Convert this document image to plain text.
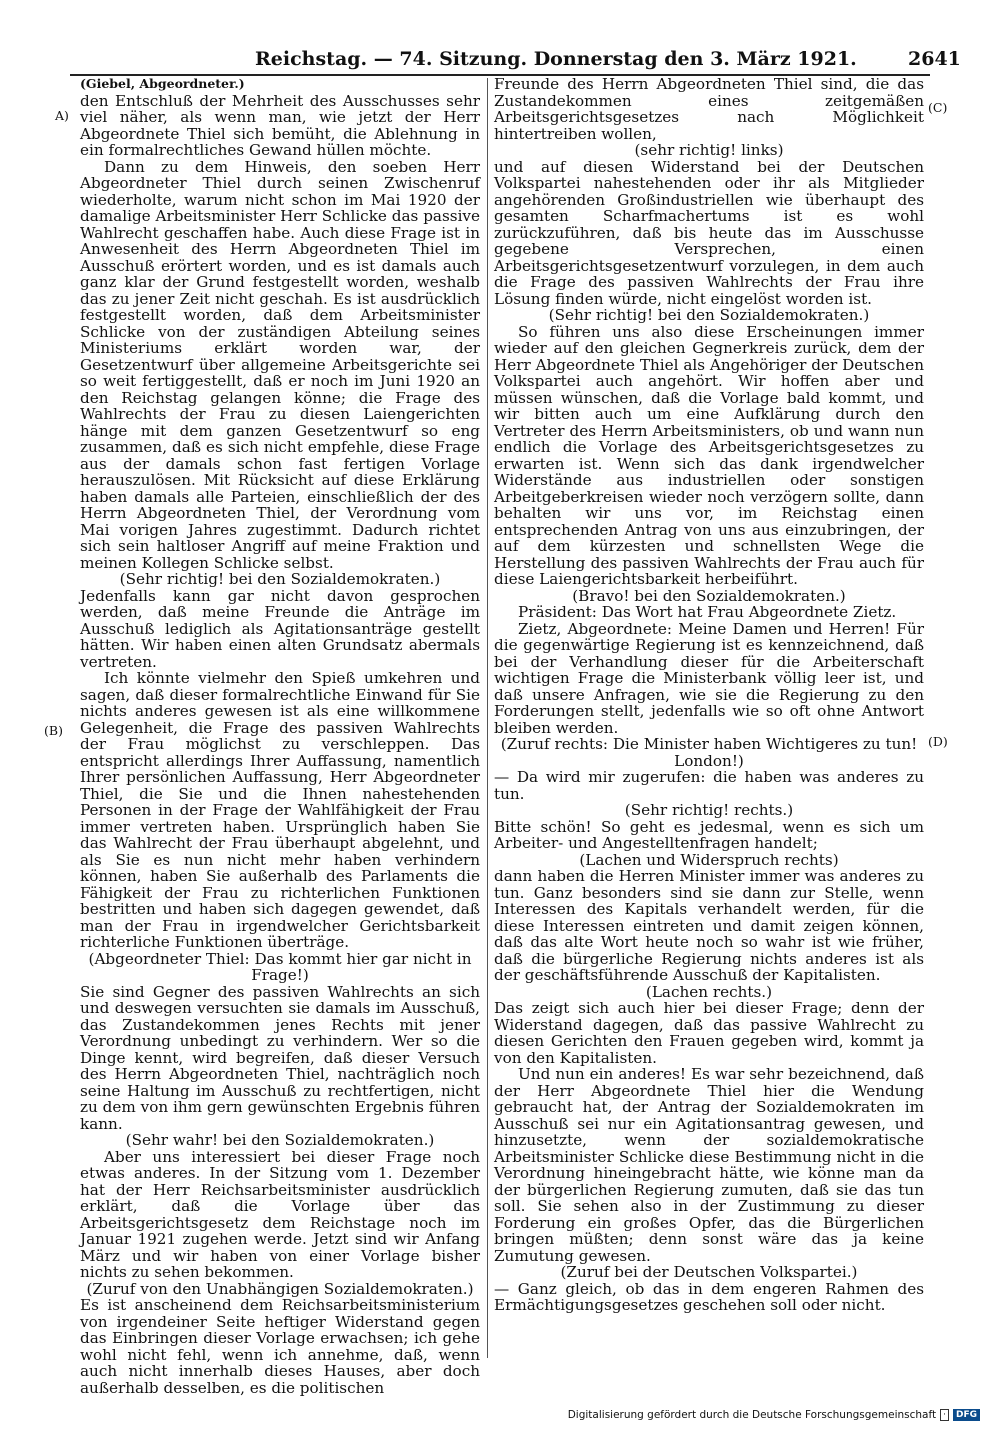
Reichstag. — 74. Sitzung. Donnerstag den 3. März 1921.	2641
A)
(B)
(C)
(D)

(Giebel, Abgeordneter.)

den Entschluß der Mehrheit des Ausschusses sehr viel näher, als wenn man, wie jetzt der Herr Abgeordnete Thiel sich bemüht, die Ablehnung in ein formalrechtliches Gewand hüllen möchte.

Dann zu dem Hinweis, den soeben Herr Abgeordneter Thiel durch seinen Zwischenruf wiederholte, warum nicht schon im Mai 1920 der damalige Arbeitsminister Herr Schlicke das passive Wahlrecht geschaffen habe. Auch diese Frage ist in Anwesenheit des Herrn Abgeordneten Thiel im Ausschuß erörtert worden, und es ist damals auch ganz klar der Grund festgestellt worden, weshalb das zu jener Zeit nicht geschah. Es ist ausdrücklich festgestellt worden, daß dem Arbeitsminister Schlicke von der zuständigen Abteilung seines Ministeriums erklärt worden war, der Gesetzentwurf über allgemeine Arbeitsgerichte sei so weit fertiggestellt, daß er noch im Juni 1920 an den Reichstag gelangen könne; die Frage des Wahlrechts der Frau zu diesen Laiengerichten hänge mit dem ganzen Gesetzentwurf so eng zusammen, daß es sich nicht empfehle, diese Frage aus der damals schon fast fertigen Vorlage herauszulösen. Mit Rücksicht auf diese Erklärung haben damals alle Parteien, einschließlich der des Herrn Abgeordneten Thiel, der Verordnung vom Mai vorigen Jahres zugestimmt. Dadurch richtet sich sein haltloser Angriff auf meine Fraktion und meinen Kollegen Schlicke selbst.

(Sehr richtig! bei den Sozialdemokraten.)

Jedenfalls kann gar nicht davon gesprochen werden, daß meine Freunde die Anträge im Ausschuß lediglich als Agitationsanträge gestellt hätten. Wir haben einen alten Grundsatz abermals vertreten.

Ich könnte vielmehr den Spieß umkehren und sagen, daß dieser formalrechtliche Einwand für Sie nichts anderes gewesen ist als eine willkommene Gelegenheit, die Frage des passiven Wahlrechts der Frau möglichst zu verschleppen. Das entspricht allerdings Ihrer Auffassung, namentlich Ihrer persönlichen Auffassung, Herr Abgeordneter Thiel, die Sie und die Ihnen nahestehenden Personen in der Frage der Wahlfähigkeit der Frau immer vertreten haben. Ursprünglich haben Sie das Wahlrecht der Frau überhaupt abgelehnt, und als Sie es nun nicht mehr haben verhindern können, haben Sie außerhalb des Parlaments die Fähigkeit der Frau zu richterlichen Funktionen bestritten und haben sich dagegen gewendet, daß man der Frau in irgendwelcher Gerichtsbarkeit richterliche Funktionen überträge.

(Abgeordneter Thiel: Das kommt hier gar nicht in Frage!)

Sie sind Gegner des passiven Wahlrechts an sich und deswegen versuchten sie damals im Ausschuß, das Zustandekommen jenes Rechts mit jener Verordnung unbedingt zu verhindern. Wer so die Dinge kennt, wird begreifen, daß dieser Versuch des Herrn Abgeordneten Thiel, nachträglich noch seine Haltung im Ausschuß zu rechtfertigen, nicht zu dem von ihm gern gewünschten Ergebnis führen kann.

(Sehr wahr! bei den Sozialdemokraten.)

Aber uns interessiert bei dieser Frage noch etwas anderes. In der Sitzung vom 1. Dezember hat der Herr Reichsarbeitsminister ausdrücklich erklärt, daß die Vorlage über das Arbeitsgerichtsgesetz dem Reichstage noch im Januar 1921 zugehen werde. Jetzt sind wir Anfang März und wir haben von einer Vorlage bisher nichts zu sehen bekommen.

(Zuruf von den Unabhängigen Sozialdemokraten.)

Es ist anscheinend dem Reichsarbeitsministerium von irgendeiner Seite heftiger Widerstand gegen das Einbringen dieser Vorlage erwachsen; ich gehe wohl nicht fehl, wenn ich annehme, daß, wenn auch nicht innerhalb dieses Hauses, aber doch außerhalb desselben, es die politischen

Freunde des Herrn Abgeordneten Thiel sind, die das Zustandekommen eines zeitgemäßen Arbeitsgerichtsgesetzes nach Möglichkeit hintertreiben wollen,

(sehr richtig! links)

und auf diesen Widerstand bei der Deutschen Volkspartei nahestehenden oder ihr als Mitglieder angehörenden Großindustriellen wie überhaupt des gesamten Scharfmachertums ist es wohl zurückzuführen, daß bis heute das im Ausschusse gegebene Versprechen, einen Arbeitsgerichtsgesetzentwurf vorzulegen, in dem auch die Frage des passiven Wahlrechts der Frau ihre Lösung finden würde, nicht eingelöst worden ist.

(Sehr richtig! bei den Sozialdemokraten.)

So führen uns also diese Erscheinungen immer wieder auf den gleichen Gegnerkreis zurück, dem der Herr Abgeordnete Thiel als Angehöriger der Deutschen Volkspartei auch angehört. Wir hoffen aber und müssen wünschen, daß die Vorlage bald kommt, und wir bitten auch um eine Aufklärung durch den Vertreter des Herrn Arbeitsministers, ob und wann nun endlich die Vorlage des Arbeitsgerichtsgesetzes zu erwarten ist. Wenn sich das dank irgendwelcher Widerstände aus industriellen oder sonstigen Arbeitgeberkreisen wieder noch verzögern sollte, dann behalten wir uns vor, im Reichstag einen entsprechenden Antrag von uns aus einzubringen, der auf dem kürzesten und schnellsten Wege die Herstellung des passiven Wahlrechts der Frau auch für diese Laiengerichtsbarkeit herbeiführt.

(Bravo! bei den Sozialdemokraten.)

Präsident: Das Wort hat Frau Abgeordnete Zietz.

Zietz, Abgeordnete: Meine Damen und Herren! Für die gegenwärtige Regierung ist es kennzeichnend, daß bei der Verhandlung dieser für die Arbeiterschaft wichtigen Frage die Ministerbank völlig leer ist, und daß unsere Anfragen, wie sie die Regierung zu den Forderungen stellt, jedenfalls wie so oft ohne Antwort bleiben werden.

(Zuruf rechts: Die Minister haben Wichtigeres zu tun! London!)

— Da wird mir zugerufen: die haben was anderes zu tun.

(Sehr richtig! rechts.)

Bitte schön! So geht es jedesmal, wenn es sich um Arbeiter- und Angestelltenfragen handelt;

(Lachen und Widerspruch rechts)

dann haben die Herren Minister immer was anderes zu tun. Ganz besonders sind sie dann zur Stelle, wenn Interessen des Kapitals verhandelt werden, für die diese Interessen eintreten und damit zeigen können, daß das alte Wort heute noch so wahr ist wie früher, daß die bürgerliche Regierung nichts anderes ist als der geschäftsführende Ausschuß der Kapitalisten.

(Lachen rechts.)

Das zeigt sich auch hier bei dieser Frage; denn der Widerstand dagegen, daß das passive Wahlrecht zu diesen Gerichten den Frauen gegeben wird, kommt ja von den Kapitalisten.

Und nun ein anderes! Es war sehr bezeichnend, daß der Herr Abgeordnete Thiel hier die Wendung gebraucht hat, der Antrag der Sozialdemokraten im Ausschuß sei nur ein Agitationsantrag gewesen, und hinzusetzte, wenn der sozialdemokratische Arbeitsminister Schlicke diese Bestimmung nicht in die Verordnung hineingebracht hätte, wie könne man da der bürgerlichen Regierung zumuten, daß sie das tun soll. Sie sehen also in der Zustimmung zu dieser Forderung ein großes Opfer, das die Bürgerlichen bringen müßten; denn sonst wäre das ja keine Zumutung gewesen.

(Zuruf bei der Deutschen Volkspartei.)

— Ganz gleich, ob das in dem engeren Rahmen des Ermächtigungsgesetzes geschehen soll oder nicht.

Digitalisierung gefördert durch die Deutsche Forschungsgemeinschaft ·	DFG
